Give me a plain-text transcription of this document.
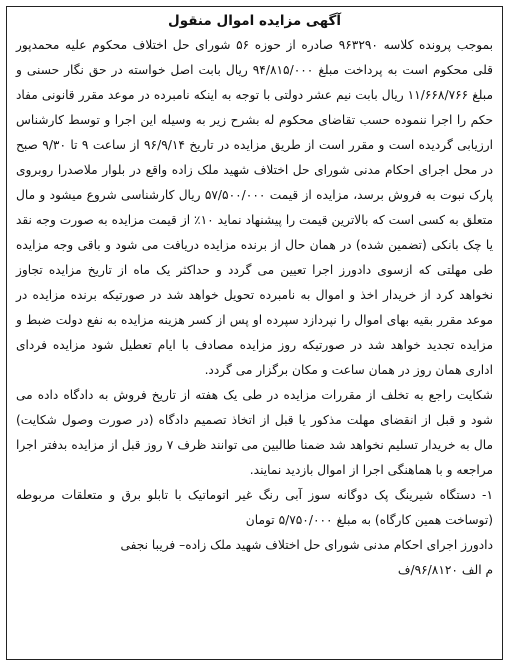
آگهی مزایده اموال منقول

بموجب پرونده کلاسه ۹۶۳۲۹۰ صادره از حوزه ۵۶ شورای حل اختلاف محکوم علیه محمدپور قلی محکوم است به پرداخت مبلغ ۹۴/۸۱۵/۰۰۰ ریال بابت اصل خواسته در حق نگار حسنی و مبلغ ۱۱/۶۶۸/۷۶۶ ریال بابت نیم عشر دولتی با توجه به اینکه نامبرده در موعد مقرر قانونی مفاد حکم را اجرا ننموده حسب تقاضای محکوم له بشرح زیر به وسیله این اجرا و توسط کارشناس ارزیابی گردیده است و مقرر است از طریق مزایده در تاریخ ۹۶/۹/۱۴ از ساعت ۹ تا ۹/۳۰ صبح در محل اجرای احکام مدنی شورای حل اختلاف شهید ملک زاده واقع در بلوار ملاصدرا روبروی پارک نبوت به فروش برسد، مزایده از قیمت ۵۷/۵۰۰/۰۰۰ ریال کارشناسی شروع میشود و مال متعلق به کسی است که بالاترین قیمت را پیشنهاد نماید ۱۰٪ از قیمت مزایده به صورت وجه نقد یا چک بانکی (تضمین شده) در همان حال از برنده مزایده دریافت می شود و باقی وجه مزایده طی مهلتی که ازسوی دادورز اجرا تعیین می گردد و حداکثر یک ماه از تاریخ مزایده تجاوز نخواهد کرد از خریدار اخذ و اموال به نامبرده تحویل خواهد شد در صورتیکه برنده مزایده در موعد مقرر بقیه بهای اموال را نپردازد سپرده او پس از کسر هزینه مزایده به نفع دولت ضبط و مزایده تجدید خواهد شد در صورتیکه روز مزایده مصادف با ایام تعطیل شود مزایده فردای اداری همان روز در همان ساعت و مکان برگزار می گردد.

شکایت راجع به تخلف از مقررات مزایده در طی یک هفته از تاریخ فروش به دادگاه داده می شود و قبل از انقضای مهلت مذکور یا قبل از اتخاذ تصمیم دادگاه (در صورت وصول شکایت) مال به خریدار تسلیم نخواهد شد ضمنا طالبین می توانند ظرف ۷ روز قبل از مزایده بدفتر اجرا مراجعه و با هماهنگی اجرا از اموال بازدید نمایند.

۱- دستگاه شیرینگ پک دوگانه سوز آبی رنگ غیر اتوماتیک با تابلو برق و متعلقات مربوطه (توساخت همین کارگاه) به مبلغ ۵/۷۵۰/۰۰۰ تومان

دادورز اجرای احکام مدنی شورای حل اختلاف شهید ملک زاده– فریبا نجفی

م الف ۹۶/۸۱۲۰/ف
